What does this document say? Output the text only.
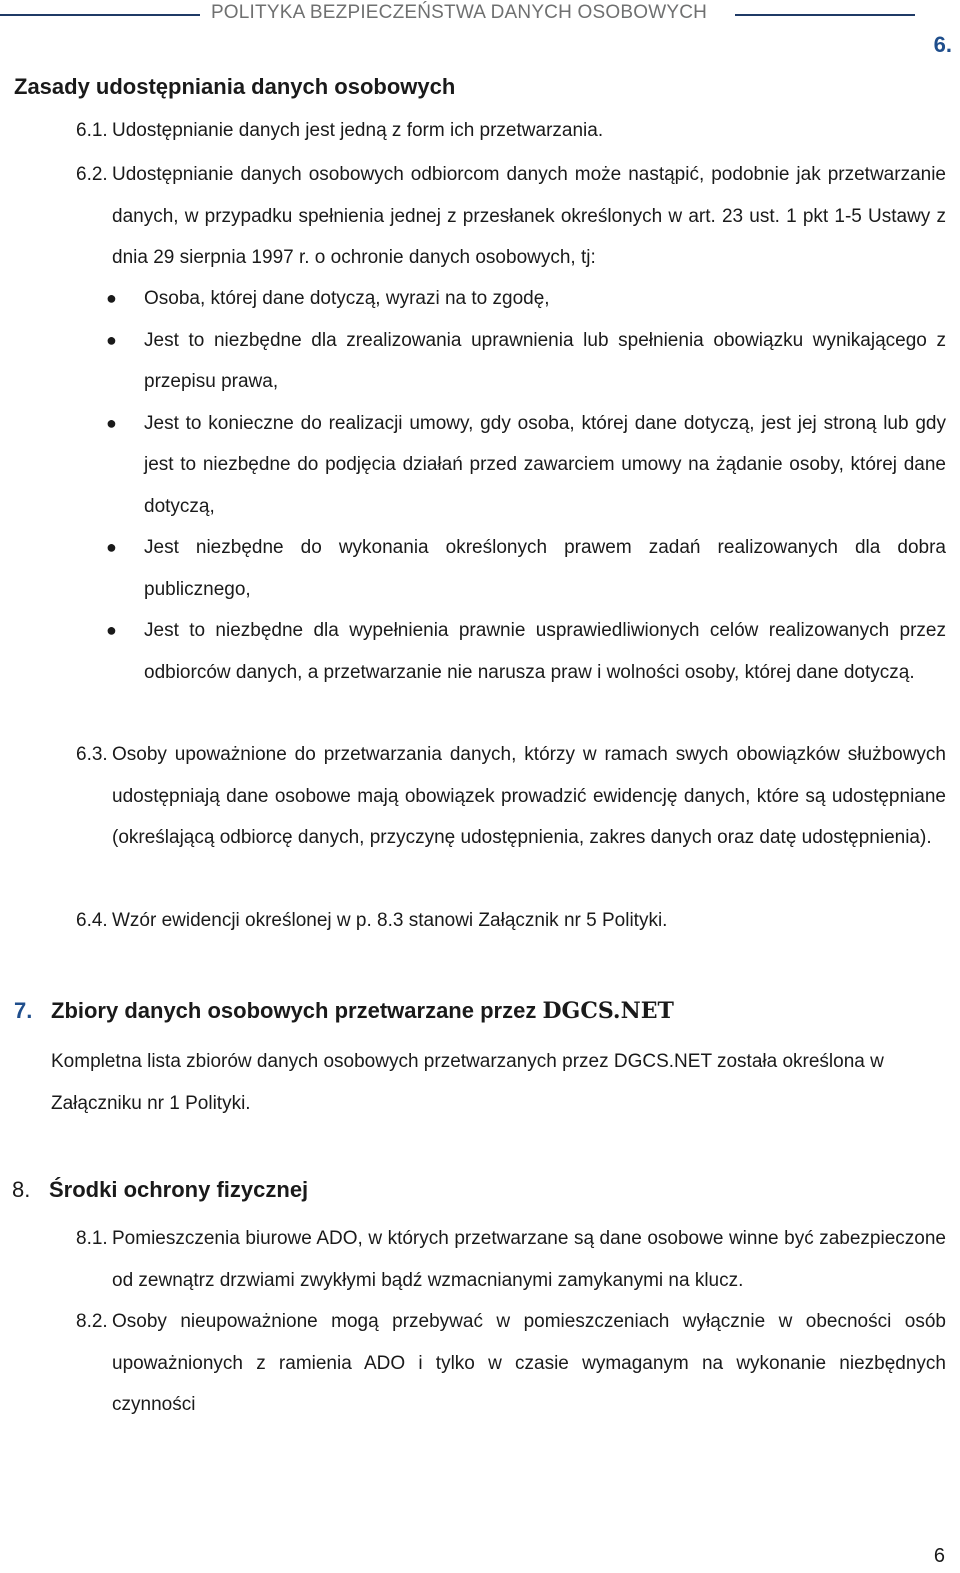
POLITYKA BEZPIECZEŃSTWA DANYCH OSOBOWYCH
6.
Zasady udostępniania danych osobowych
6.1. Udostępnianie danych jest jedną z form ich przetwarzania.
6.2. Udostępnianie danych osobowych odbiorcom danych może nastąpić, podobnie jak przetwarzanie danych, w przypadku spełnienia jednej z przesłanek określonych w art. 23 ust. 1 pkt 1-5 Ustawy z dnia 29 sierpnia 1997 r. o ochronie danych osobowych, tj:
● Osoba, której dane dotyczą, wyrazi na to zgodę,
● Jest to niezbędne dla zrealizowania uprawnienia lub spełnienia obowiązku wynikającego z przepisu prawa,
● Jest to konieczne do realizacji umowy, gdy osoba, której dane dotyczą, jest jej stroną lub gdy jest to niezbędne do podjęcia działań przed zawarciem umowy na żądanie osoby, której dane dotyczą,
● Jest niezbędne do wykonania określonych prawem zadań realizowanych dla dobra publicznego,
● Jest to niezbędne dla wypełnienia prawnie usprawiedliwionych celów realizowanych przez odbiorców danych, a przetwarzanie nie narusza praw i wolności osoby, której dane dotyczą.
6.3. Osoby upoważnione do przetwarzania danych, którzy w ramach swych obowiązków służbowych udostępniają dane osobowe mają obowiązek prowadzić ewidencję danych, które są udostępniane (określającą odbiorcę danych, przyczynę udostępnienia, zakres danych oraz datę udostępnienia).
6.4. Wzór ewidencji określonej w p. 8.3 stanowi Załącznik nr 5 Polityki.
7. Zbiory danych osobowych przetwarzane przez DGCS.NET
Kompletna lista zbiorów danych osobowych przetwarzanych przez DGCS.NET została określona w Załączniku nr 1 Polityki.
8. Środki ochrony fizycznej
8.1. Pomieszczenia biurowe ADO, w których przetwarzane są dane osobowe winne być zabezpieczone od zewnątrz drzwiami zwykłymi bądź wzmacnianymi zamykanymi na klucz.
8.2. Osoby nieupoważnione mogą przebywać w pomieszczeniach wyłącznie w obecności osób upoważnionych z ramienia ADO i tylko w czasie wymaganym na wykonanie niezbędnych czynności
6
